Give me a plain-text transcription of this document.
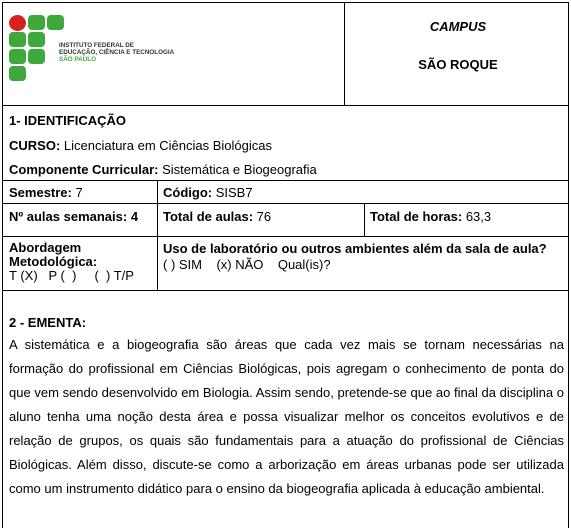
INSTITUTO FEDERAL DE
EDUCAÇÃO, CIÊNCIA E TECNOLOGIA
SÃO PAULO
CAMPUS
SÃO ROQUE
1- IDENTIFICAÇÃO
CURSO: Licenciatura em Ciências Biológicas
Componente Curricular: Sistemática e Biogeografia
Semestre: 7	Código: SISB7
Nº aulas semanais: 4 Total de aulas: 76	Total de horas: 63,3
Abordagem
Metodológica:
T (X)   P (  )     (  ) T/P
Uso de laboratório ou outros ambientes além da sala de aula?
( ) SIM    (x) NÃO    Qual(is)?
2 - EMENTA:
A sistemática e a biogeografia são áreas que cada vez mais se tornam necessárias na formação do profissional em Ciências Biológicas, pois agregam o conhecimento de ponta do que vem sendo desenvolvido em Biologia. Assim sendo, pretende-se que ao final da disciplina o aluno tenha uma noção desta área e possa visualizar melhor os conceitos evolutivos e de relação de grupos, os quais são fundamentais para a atuação do profissional de Ciências Biológicas. Além disso, discute-se como a arborização em áreas urbanas pode ser utilizada como um instrumento didático para o ensino da biogeografia aplicada à educação ambiental.
